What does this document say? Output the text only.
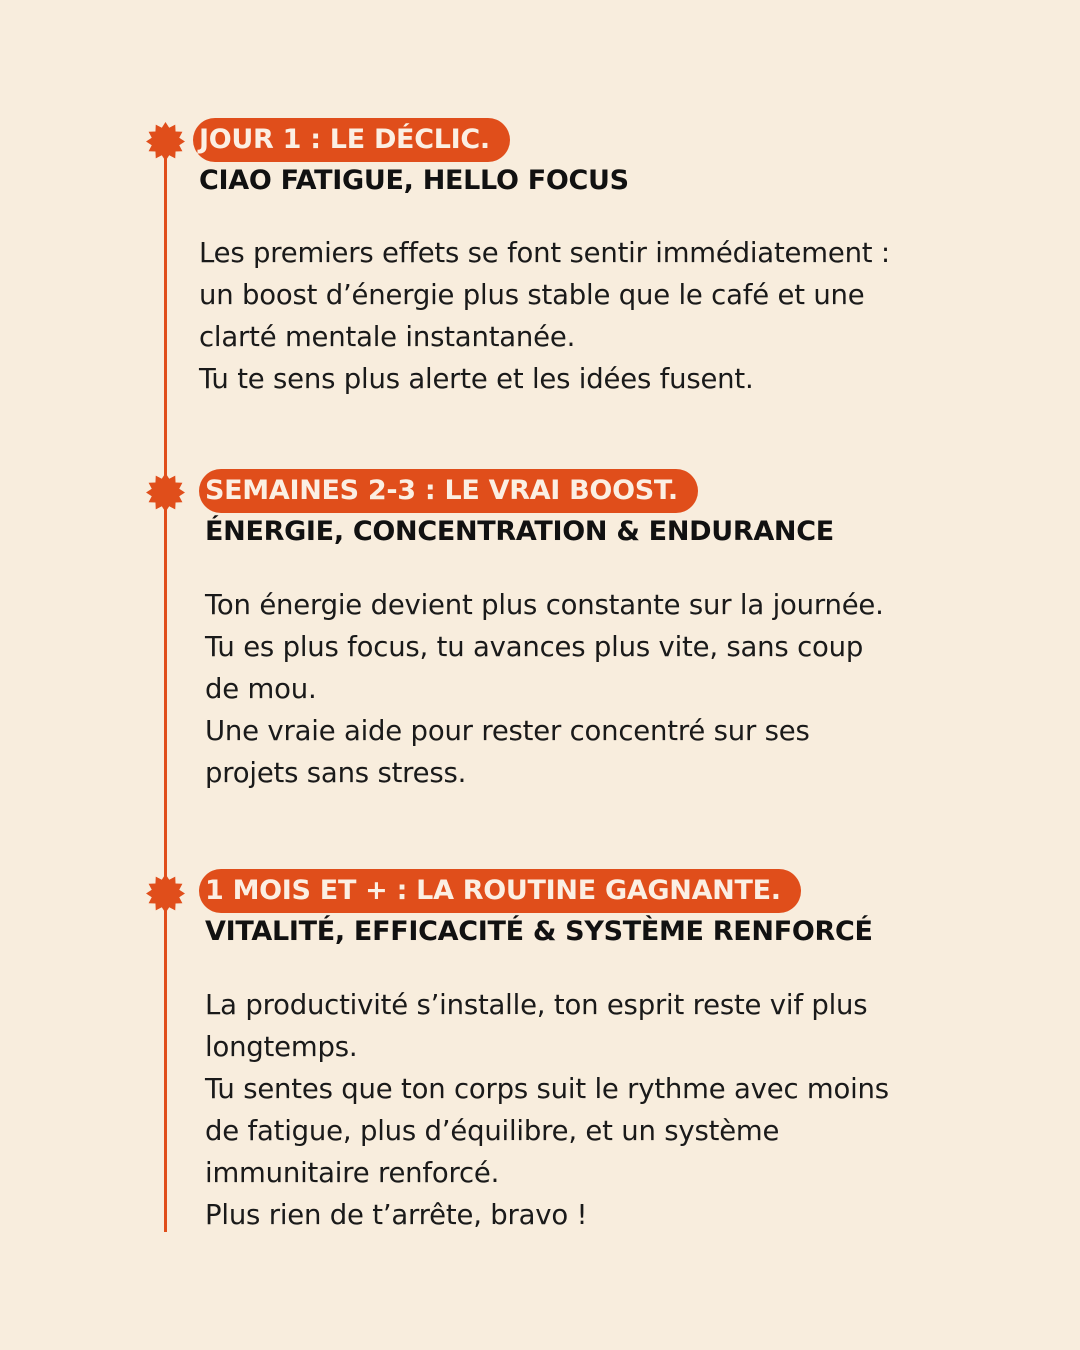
JOUR 1 : LE DÉCLIC.
CIAO FATIGUE, HELLO FOCUS

Les premiers effets se font sentir immédiatement :

un boost d’énergie plus stable que le café et une

clarté mentale instantanée.

Tu te sens plus alerte et les idées fusent.

SEMAINES 2-3 : LE VRAI BOOST.
ÉNERGIE, CONCENTRATION & ENDURANCE

Ton énergie devient plus constante sur la journée.

Tu es plus focus, tu avances plus vite, sans coup

de mou.

Une vraie aide pour rester concentré sur ses

projets sans stress.

1 MOIS ET + : LA ROUTINE GAGNANTE.
VITALITÉ, EFFICACITÉ & SYSTÈME RENFORCÉ

La productivité s’installe, ton esprit reste vif plus

longtemps.

Tu sentes que ton corps suit le rythme avec moins

de fatigue, plus d’équilibre, et un système

immunitaire renforcé.

Plus rien de t’arrête, bravo !
